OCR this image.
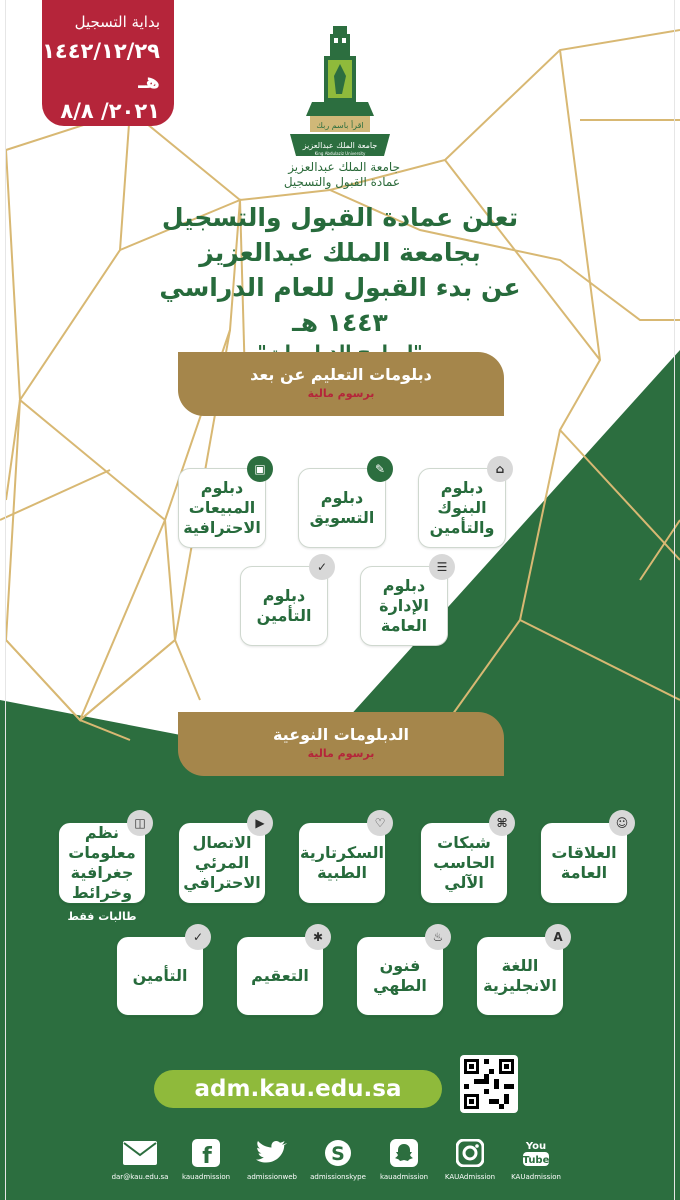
بداية التسجيل
١٤٤٢/١٢/٢٩ هـ
٢٠٢١/ ٨/٨ م
اقرأ باسم ربك
جامعة الملك عبدالعزيز
King Abdulaziz University
جامعة الملك عبدالعزيز
عمادة القبول والتسجيل
تعلن عمادة القبول والتسجيل
بجامعة الملك عبدالعزيز
عن بدء القبول للعام الدراسي ١٤٤٣ هـ
دبلومات التعليم عن بعد
برسوم مالية
⌂
دبلوم البنوك والتأمين
✎
دبلوم التسويق
▣
دبلوم المبيعات الاحترافية
☰
دبلوم الإدارة العامة
✓
دبلوم التأمين
الدبلومات النوعية
برسوم مالية
☺
العلاقات العامة
⌘
شبكات الحاسب الآلي
♡
السكرتارية الطبية
▶
الاتصال المرئي الاحترافي
◫
نظم معلومات جغرافية وخرائط
طالبات فقط
A
اللغة الانجليزية
♨
فنون الطهي
✱
التعقيم
✓
التأمين
adm.kau.edu.sa
dar@kau.edu.sa
f
kauadmission	admissionweb
S
admissionskype	kauadmission	KAUAdmission
You
Tube
KAUadmission
